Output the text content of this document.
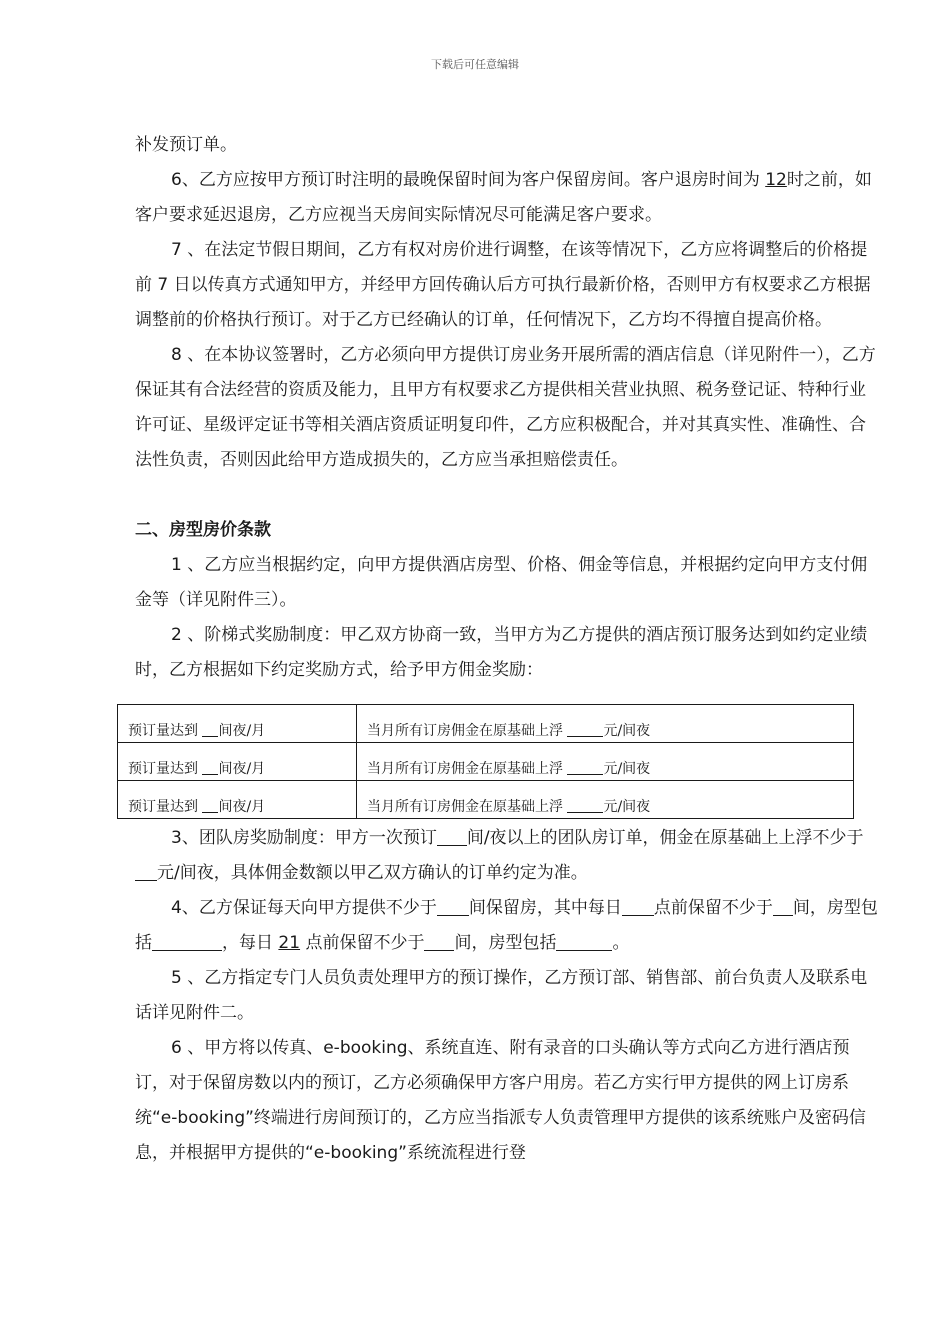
下载后可任意编辑

补发预订单。

6、乙方应按甲方预订时注明的最晚保留时间为客户保留房间。客户退房时间为 12时之前，如客户要求延迟退房，乙方应视当天房间实际情况尽可能满足客户要求。

7 、在法定节假日期间，乙方有权对房价进行调整，在该等情况下，乙方应将调整后的价格提前 7 日以传真方式通知甲方，并经甲方回传确认后方可执行最新价格，否则甲方有权要求乙方根据调整前的价格执行预订。对于乙方已经确认的订单，任何情况下，乙方均不得擅自提高价格。

8 、在本协议签署时，乙方必须向甲方提供订房业务开展所需的酒店信息（详见附件一），乙方保证其有合法经营的资质及能力，且甲方有权要求乙方提供相关营业执照、税务登记证、特种行业许可证、星级评定证书等相关酒店资质证明复印件，乙方应积极配合，并对其真实性、准确性、合法性负责，否则因此给甲方造成损失的，乙方应当承担赔偿责任。

二、房型房价条款

1 、乙方应当根据约定，向甲方提供酒店房型、价格、佣金等信息，并根据约定向甲方支付佣金等（详见附件三）。

2 、阶梯式奖励制度：甲乙双方协商一致，当甲方为乙方提供的酒店预订服务达到如约定业绩时，乙方根据如下约定奖励方式，给予甲方佣金奖励：

预订量达到 间夜/月	当月所有订房佣金在原基础上浮 元/间夜
预订量达到 间夜/月	当月所有订房佣金在原基础上浮 元/间夜
预订量达到 间夜/月	当月所有订房佣金在原基础上浮 元/间夜

3、团队房奖励制度：甲方一次预订 间/夜以上的团队房订单，佣金在原基础上上浮不少于元/间夜，具体佣金数额以甲乙双方确认的订单约定为准。

4、乙方保证每天向甲方提供不少于 间保留房，其中每日 点前保留不少于 间，房型包括	，每日 21 点前保留不少于 间，房型包括	。

5 、乙方指定专门人员负责处理甲方的预订操作，乙方预订部、销售部、前台负责人及联系电话详见附件二。

6 、甲方将以传真、e-booking、系统直连、附有录音的口头确认等方式向乙方进行酒店预订，对于保留房数以内的预订，乙方必须确保甲方客户用房。若乙方实行甲方提供的网上订房系统“e-booking”终端进行房间预订的，乙方应当指派专人负责管理甲方提供的该系统账户及密码信息，并根据甲方提供的“e-booking”系统流程进行登
